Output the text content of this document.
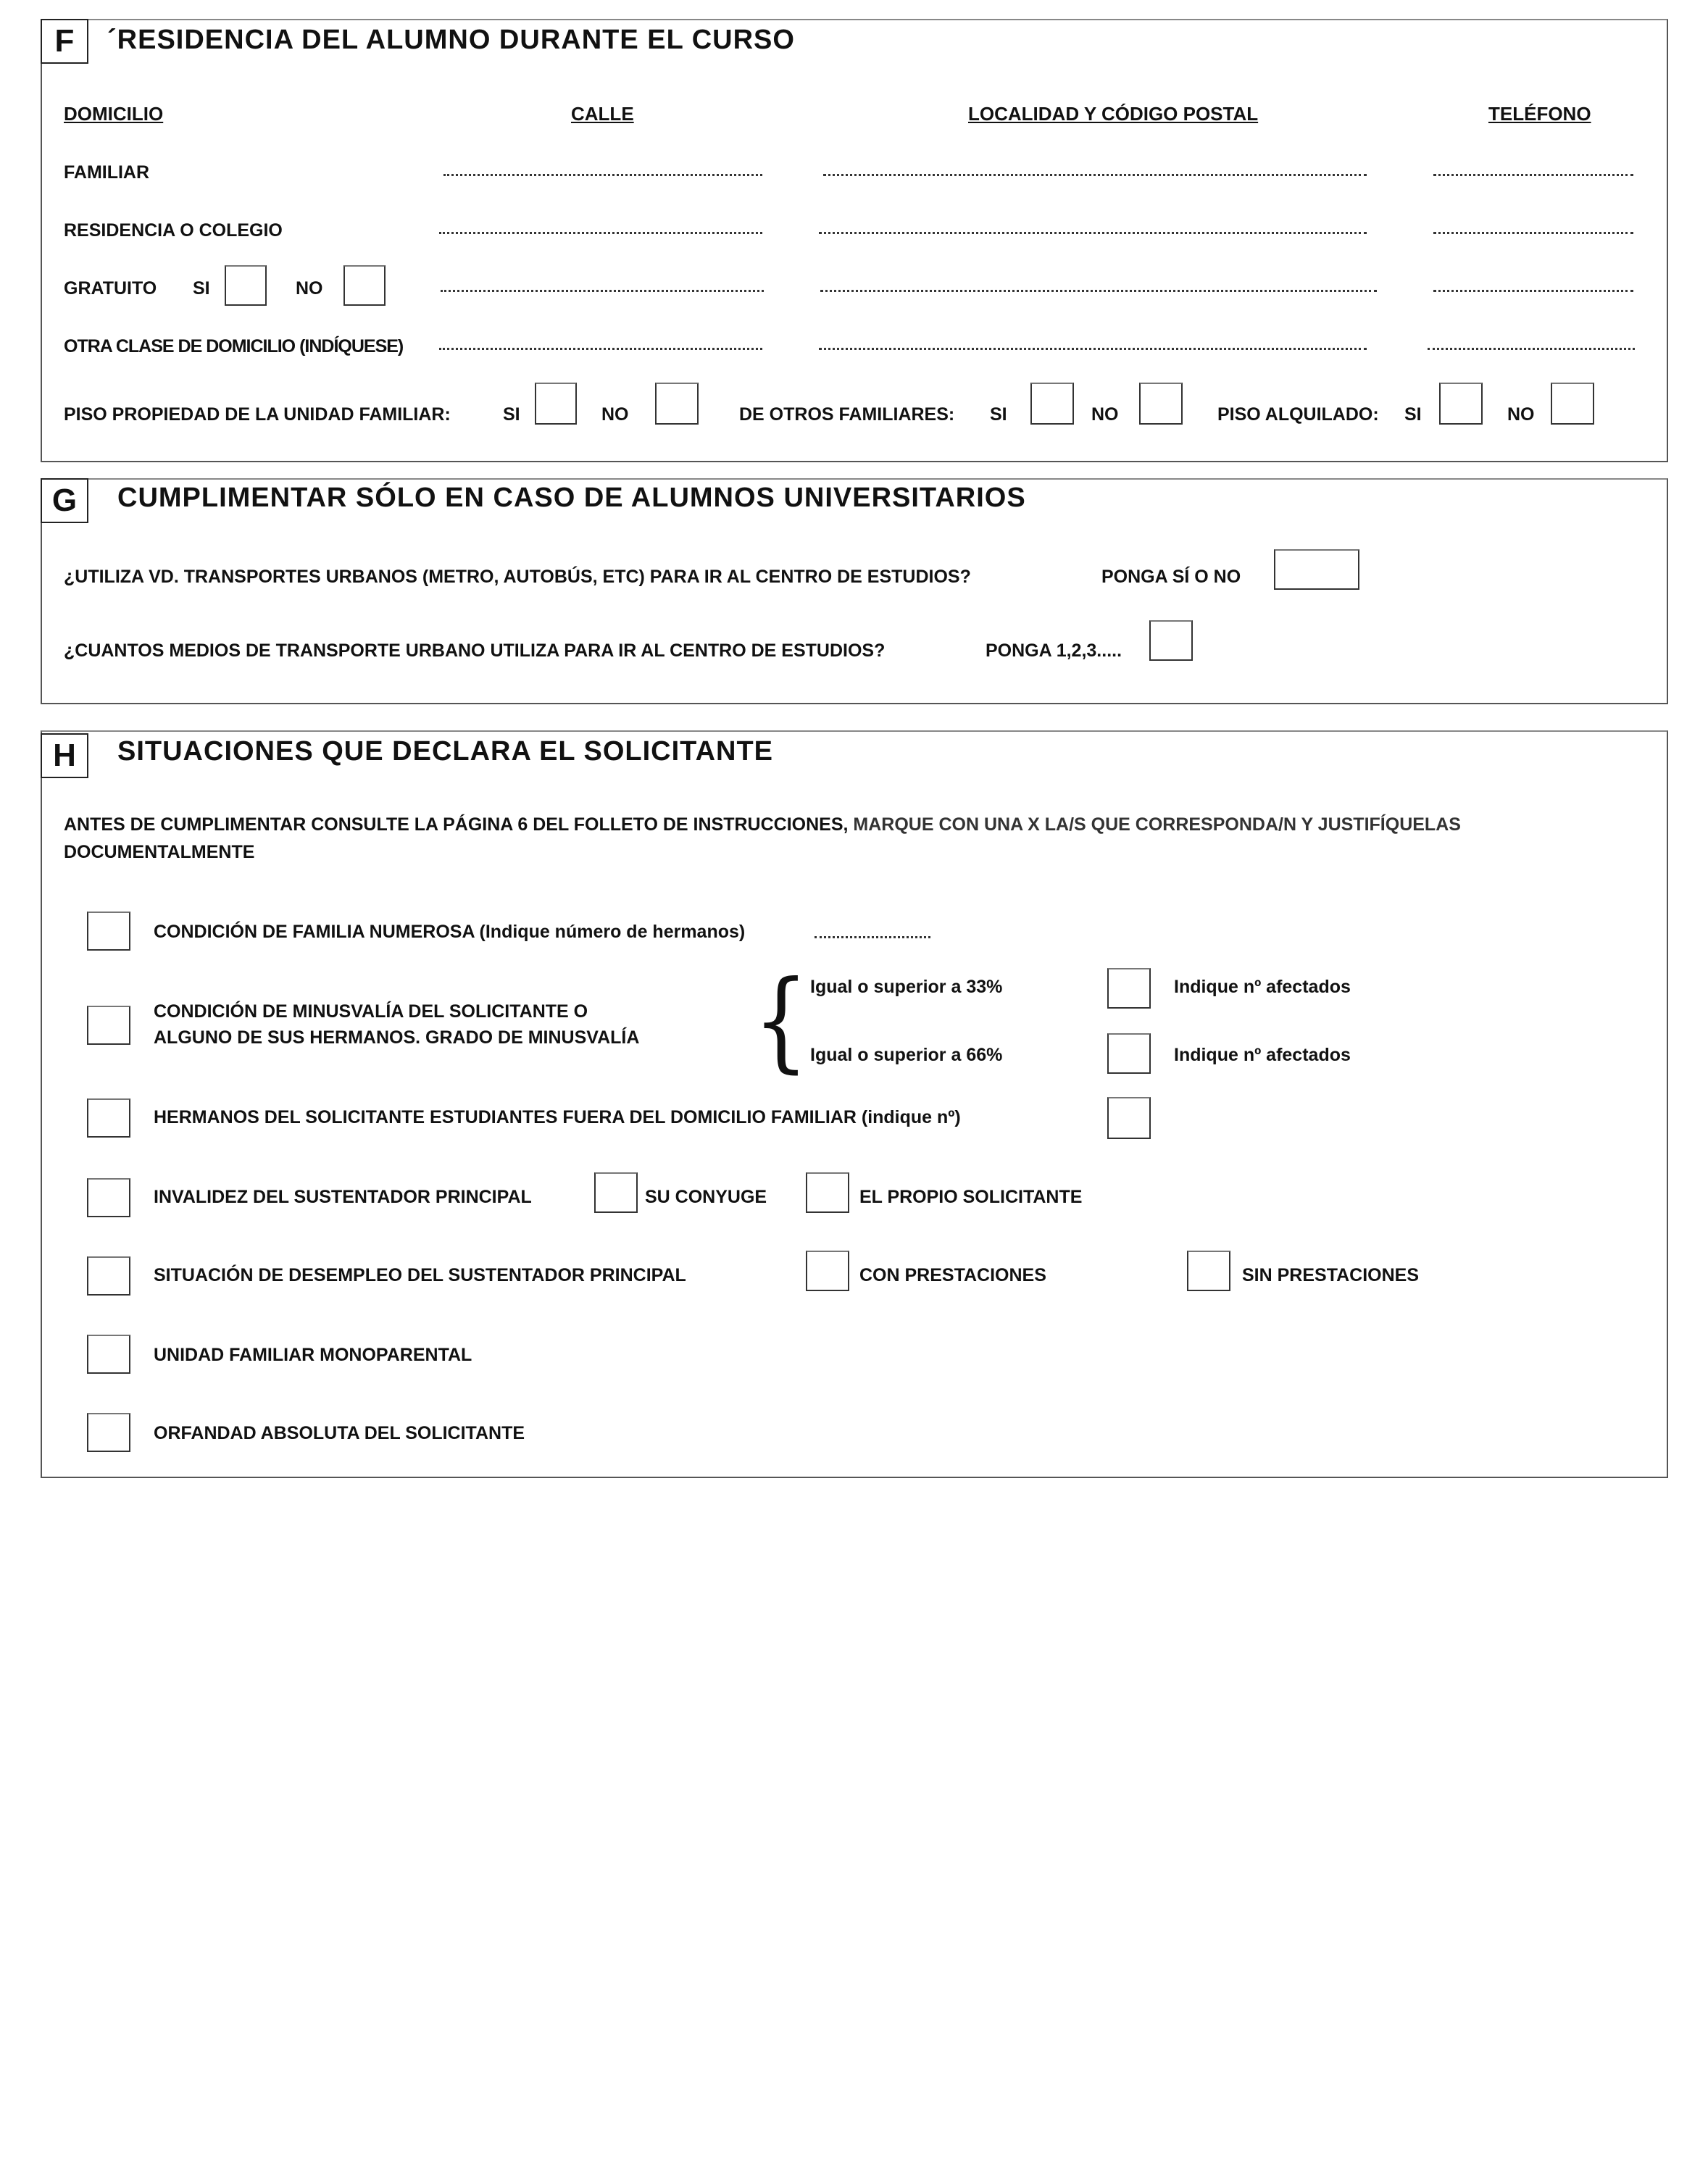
F	´RESIDENCIA DEL ALUMNO DURANTE EL CURSO
DOMICILIO	CALLE	LOCALIDAD Y CÓDIGO POSTAL	TELÉFONO
FAMILIAR
RESIDENCIA O COLEGIO
GRATUITO SI	NO
OTRA CLASE DE DOMICILIO (INDÍQUESE)
PISO PROPIEDAD DE LA UNIDAD FAMILIAR:	SI	NO	DE OTROS FAMILIARES: SI	NO	PISO ALQUILADO: SI	NO
G	CUMPLIMENTAR SÓLO EN CASO DE ALUMNOS UNIVERSITARIOS
¿UTILIZA VD. TRANSPORTES URBANOS (METRO, AUTOBÚS, ETC) PARA IR AL CENTRO DE ESTUDIOS?	PONGA SÍ O NO
¿CUANTOS MEDIOS DE TRANSPORTE URBANO UTILIZA PARA IR AL CENTRO DE ESTUDIOS?	PONGA 1,2,3.....
H	SITUACIONES QUE DECLARA EL SOLICITANTE
ANTES DE CUMPLIMENTAR CONSULTE LA PÁGINA 6 DEL FOLLETO DE INSTRUCCIONES, MARQUE CON UNA X LA/S QUE CORRESPONDA/N Y JUSTIFÍQUELAS
DOCUMENTALMENTE
CONDICIÓN DE FAMILIA NUMEROSA (Indique número de hermanos)
CONDICIÓN DE MINUSVALÍA DEL SOLICITANTE O
ALGUNO DE SUS HERMANOS. GRADO DE MINUSVALÍA { Igual o superior a 33%	Indique nº afectados
Igual o superior a 66%	Indique nº afectados
HERMANOS DEL SOLICITANTE ESTUDIANTES FUERA DEL DOMICILIO FAMILIAR (indique nº)
INVALIDEZ DEL SUSTENTADOR PRINCIPAL	SU CONYUGE	EL PROPIO SOLICITANTE
SITUACIÓN DE DESEMPLEO DEL SUSTENTADOR PRINCIPAL	CON PRESTACIONES	SIN PRESTACIONES
UNIDAD FAMILIAR MONOPARENTAL
ORFANDAD ABSOLUTA DEL SOLICITANTE
